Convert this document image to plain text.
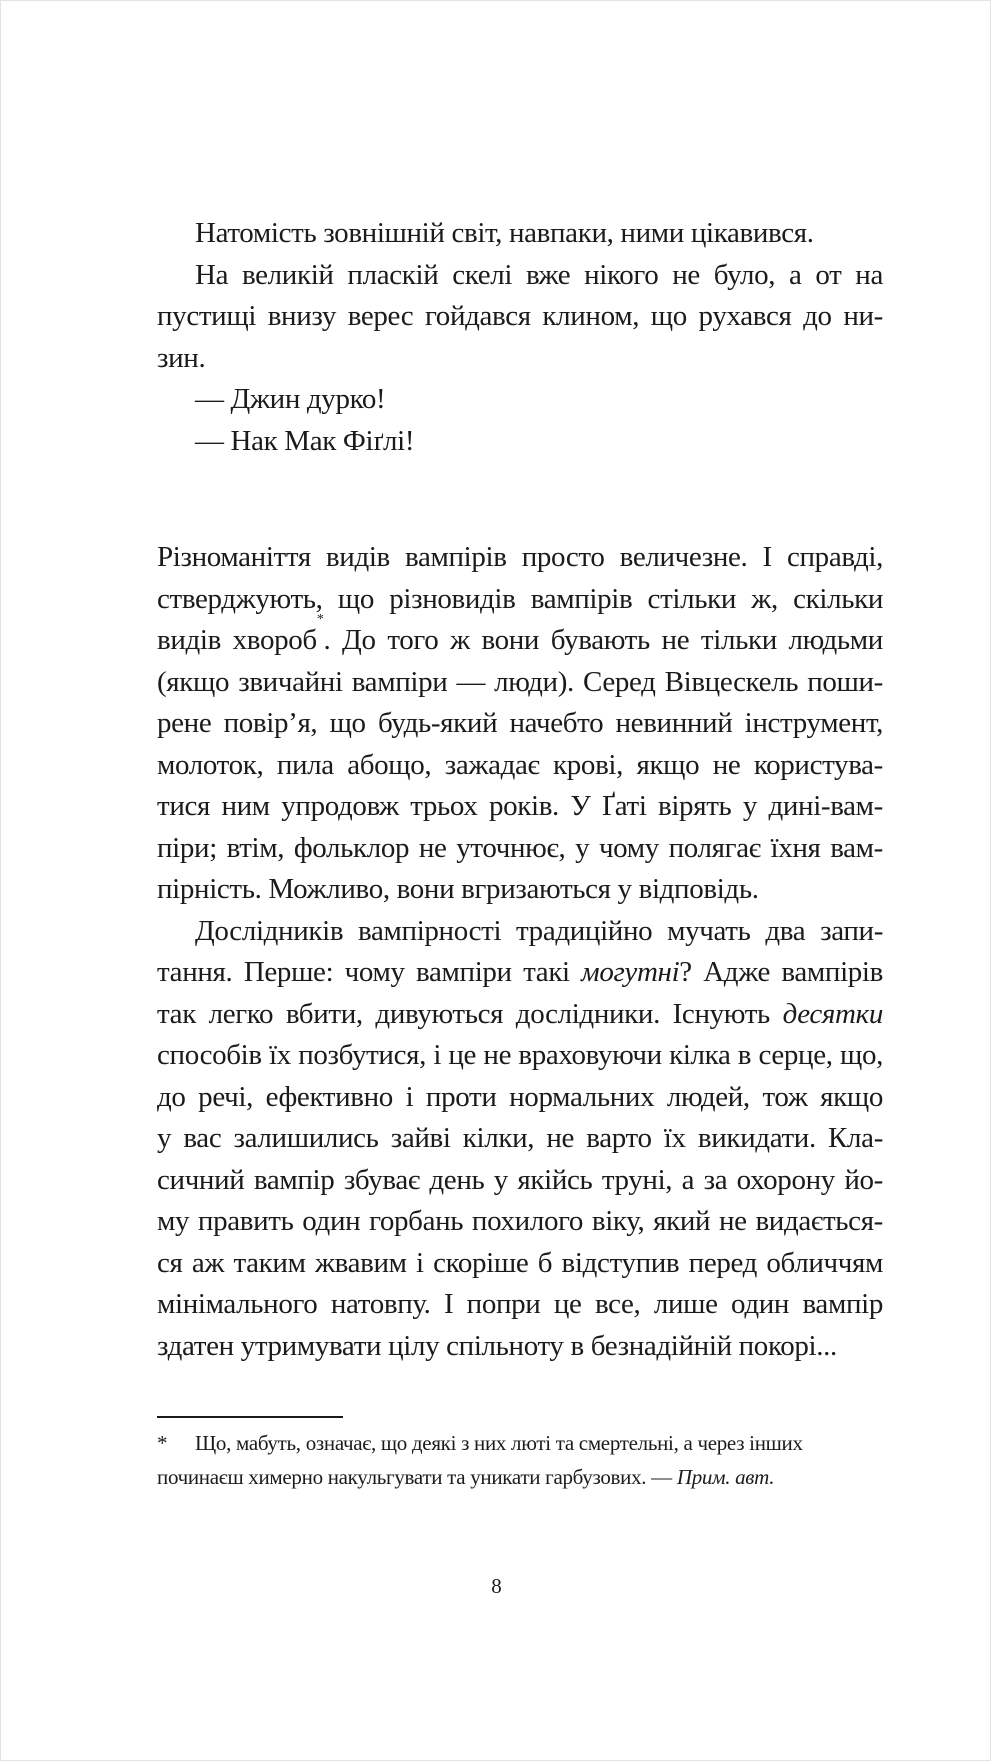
Натомість зовнішній світ, навпаки, ними цікавився.

На великій пласкій скелі вже нікого не було, а от на
пустищі внизу верес гойдався клином, що рухався до ни-
зин.

— Джин дурко!

— Нак Мак Фіґлі!

Різноманіття видів вампірів просто величезне. І справді,
стверджують, що різновидів вампірів стільки ж, скільки
видів хвороб*. До того ж вони бувають не тільки людьми
(якщо звичайні вампіри — люди). Серед Вівцескель поши-
рене повір’я, що будь-який начебто невинний інструмент,
молоток, пила абощо, зажадає крові, якщо не користува-
тися ним упродовж трьох років. У Ґаті вірять у дині-вам-
піри; втім, фольклор не уточнює, у чому полягає їхня вам-
пірність. Можливо, вони вгризаються у відповідь.

Дослідників вампірності традиційно мучать два запи-
тання. Перше: чому вампіри такі могутні? Адже вампірів
так легко вбити, дивуються дослідники. Існують десятки
способів їх позбутися, і це не враховуючи кілка в серце, що,
до речі, ефективно і проти нормальних людей, тож якщо
у вас залишились зайві кілки, не варто їх викидати. Кла-
сичний вампір збуває день у якійсь труні, а за охорону йо-
му править один горбань похилого віку, який не видається-
ся аж таким жвавим і скоріше б відступив перед обличчям
мінімального натовпу. І попри це все, лише один вампір
здатен утримувати цілу спільноту в безнадійній покорі...

* Що, мабуть, означає, що деякі з них люті та смертельні, а через інших
починаєш химерно накульгувати та уникати гарбузових. — Прим. авт.
8
